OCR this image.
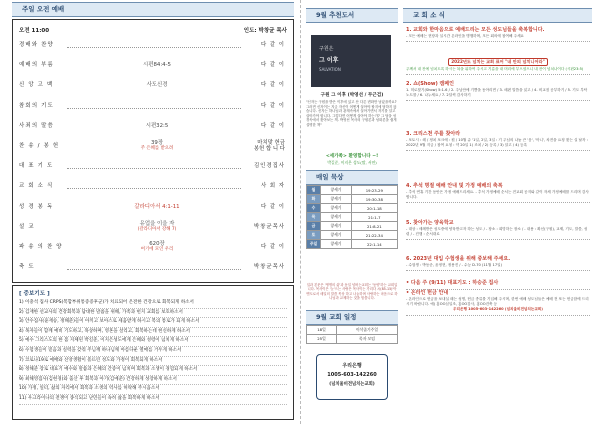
주일 오전 예배
오전 11:00	인도: 박창균 목사
경배와 찬양	다 같 이
예배의 부름	시편84:4-5	다 같 이
신 앙 고 백	사도신경	다 같 이
참회의 기도	다 같 이
사죄의 말씀	시편32:5	다 같 이
찬 송 / 봉 헌	39장
주 은혜를 받으려
마치맞 헌금
봉헌 합 니 다
대 표 기 도	김인경집사
교 회 소 식	사 회 자
성 경 봉 독	갈라디아서 4:1-11	다 같 이
설 교	유업을 이을 자
(갈라디아서 강해 7)	박창균목사
파 송 의 찬 양	620장
여기에 모인 우리	다 같 이
축 도	박창균목사
[ 중보기도 ]
1) 이충석 집사 CRPS(복합부위통증증후군)가 치료되어 온전한 건강으로 회복되게 하소서
2) 김재한 선교사의 건강회복과 담대한 말씀을 위해, 가족과 헌지 교회를 보호하소서
3) 안수집사(윤재승, 정해준)들이 아끼고 보아스로 세움받게 하시고 복의 통로가 되게 하소서
4) 목자들이 함께 예비 기도하고, 목상하며, 영혼을 살리고, 회복하는데 헌신하게 하소서
5) 예수 그리스도의 한 몸 지체된 박길준, 이지은성도에게 은혜와 성령이 넘치게 하소서
6) 수험생들이 믿음과 실력을 갖춰 주님께 하나님께 아름다운 열매를 거두게 하소서
7) 코로나19로 예배와 신앙생활이 흩뜨린 성도와 가정이 회복되게 하소서
8) 정해준 장로 대표기 예수와 말씀과 은혜의 간증이 넘치며 회복과 소생이 경험되게 하소서
9) 최해영집사(김현경)와 출산 후 회복과 아기(김예준) 건강하게 성장하게 하소서
10) 가정, 일터, 삶의 자리에서 회복과 소생의 역사를 허락해 주시옵소서
11) 우크라이나의 전쟁이 종식되고 난민들이 속히 삶을 회복하게 하소서
9월 추천도서
구원은
그 이후
SALVATION
구원 그 이후 (박영선 / 무근검)
"신자는 구원을 받은 이후에 있고 산 다른 변화만 남았을까요? 그러면 신자이는 지금 자신이 어떻게 살아야 할지에 답하지 않습니다. 신자는 하나님과 관계속에서 살아가면서 자기를 알고 살아가야 합니다. 그렇다면 어떻게 살아야 하는가? 그 답을 성경속에서 찾아보는 책. 박영선 목사의 구원론과 성화론을 쉽게 설명한 책"
<세가족> 환영합니다 ~!
박길준, 이지은 성도(딸, 서연)
매일 묵상
월	창세기	19:23-29
화	창세기	19:30-38
수	창세기	20:1-18
목	창세기	21:1-7
금	창세기	21:8-21
토	창세기	21:22-34
주일	창세기	22:1-14
일과 본문은 '생명의 삶'과 동일 넘버는교회는 '동양'하는 교회입니다. 목사이은 '눈'으는 사랑은 목사이는 가리다 시(85-15)'아멘도로서 매일의 말씀 목상 하고 나눔하며 사랑하는 마음으로 하나님과 교제하는 것을 힘씁니다.
9월 교회 일정
18일	이삭줍기주일
25일	목자 모임
우리은행
1005-603-142260
(넘치울비전넘치는교회)
교 회 소 식
1. 교회와 한마음으로 예배드리는 모든 성도님들을 축복합니다.
- 모든 예배는 현장과 실시간 온라인을 병행하며, 모든 회의에 참여해 주세요
2022년도 넘치는 교회 표어 "네 안의 넘치니어라"
주께서 내 잔에 넘치도록 하시는 복을 위하여 주시고 기름을 내 머리에 부으셨으니 내 잔이 넘치나이다 (시편23:5)
2. 쇼(Show) 캠페인
1. 미로찾기(Show) 5:1-6 / 2. 주님안에 기쁨을 동아리면 / 3. 매편 말씀을 읽고 / 4. 비교점 공부하기 / 5. 기도 부탁 노트를 / 6. 나누세요 / 7. 2달씩 감사하기
3. 크리스천 주를 찾아라
- 포토시 : 헤 / 정치 포크에 : 원 / 10월 쥬 '1일, 2일, 3일 : 기 주님의 나눔 큰 '음', '아니', 차전을 요청 찾는 실 날자 : 2022년 9월 지금 / 참여 요청 : 약 20일 1) 조치 / 2) 등록 / 3) 알고 / 4) 등록
4. 추석 명절 예배 안내 및 가정 예배의 축복
- 추석 연휴 기간 동안은 가정 예배드리세요. - 추석 가정예배 순서는 전교회 공지와 같이 자세 가정예배를 드리며 감사합니다.
5. 찾아가는 양육학교
- 대상 : 세례받은 성도중에 양육받고자 하는 성도 / - 장소 : 희망하는 장소 / - 내용 : 확신(구원), 교제, 기도, 말씀, 성령 / - 진행 : 순서대로
6. 2023년 대입 수험생을 위해 중보해 주세요.
- 수험생 : 박동준, 윤정현, 정용진 / - 수능 D-70 (11월 17일)
• 다음 주 (9/11) 대표기도 : 하승준 집사
• 온라인 헌금 안내
- 온라인으로 헌금을 보내실 때는 성명, 헌금 종류를 기입해 주시며, 한번 예배 성도님들은 예배 전 또는 헌금함에 드리시기 바랍니다. 예) 홍OO십일조, 홍OO감사, 홍OO건축 등
우리은행 1005-603-142260 (넘치울비전넘치는교회)
